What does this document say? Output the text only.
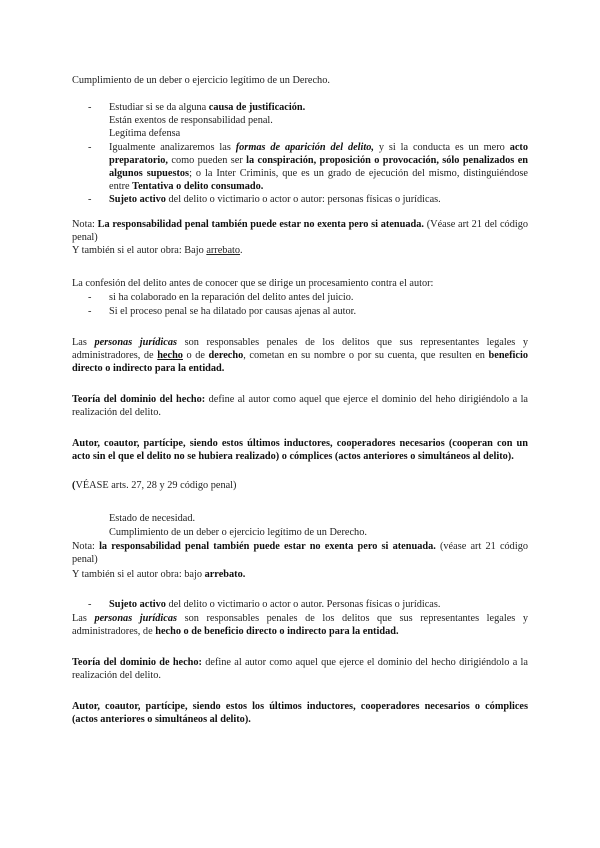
Cumplimiento de un deber o ejercicio legítimo de un Derecho.

- Estudiar si se da alguna causa de justificación.
Están exentos de responsabilidad penal.
Legítima defensa
- Igualmente analizaremos las formas de aparición del delito, y si la conducta es un mero acto preparatorio, como pueden ser la conspiración, proposición o provocación, sólo penalizados en algunos supuestos; o la Inter Criminis, que es un grado de ejecución del mismo, distinguiéndose entre Tentativa o delito consumado.
- Sujeto activo del delito o victimario o actor o autor: personas físicas o jurídicas.

Nota: La responsabilidad penal también puede estar no exenta pero si atenuada. (Véase art 21 del código penal)

Y también si el autor obra: Bajo arrebato.

La confesión del delito antes de conocer que se dirige un procesamiento contra el autor:

- si ha colaborado en la reparación del delito antes del juicio.
- Si el proceso penal se ha dilatado por causas ajenas al autor.

Las personas jurídicas son responsables penales de los delitos que sus representantes legales y administradores, de hecho o de derecho, cometan en su nombre o por su cuenta, que resulten en beneficio directo o indirecto para la entidad.

Teoría del dominio del hecho: define al autor como aquel que ejerce el dominio del heho dirigiéndolo a la realización del delito.

Autor, coautor, partícipe, siendo estos últimos inductores, cooperadores necesarios (cooperan con un acto sin el que el delito no se hubiera realizado) o cómplices (actos anteriores o simultáneos al delito).

(VÉASE arts. 27, 28 y 29 código penal)

Estado de necesidad.

Cumplimiento de un deber o ejercicio legítimo de un Derecho.

Nota: la responsabilidad penal también puede estar no exenta pero si atenuada. (véase art 21 código penal)

Y también si el autor obra: bajo arrebato.

- Sujeto activo del delito o victimario o actor o autor. Personas físicas o jurídicas.

Las personas jurídicas son responsables penales de los delitos que sus representantes legales y administradores, de hecho o de beneficio directo o indirecto para la entidad.

Teoría del dominio de hecho: define al autor como aquel que ejerce el dominio del hecho dirigiéndolo a la realización del delito.

Autor, coautor, partícipe, siendo estos los últimos inductores, cooperadores necesarios o cómplices (actos anteriores o simultáneos al delito).
